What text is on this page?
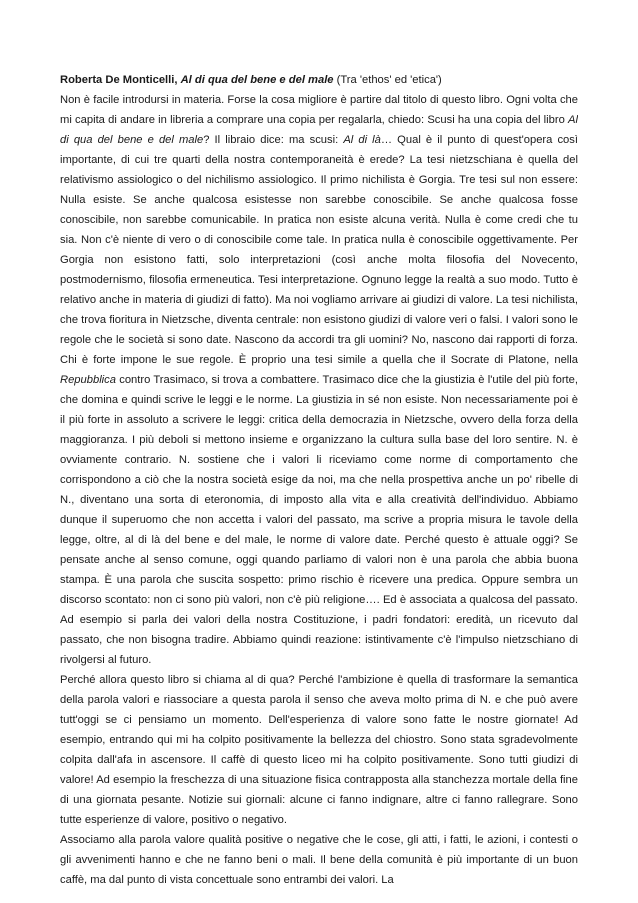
Roberta De Monticelli, Al di qua del bene e del male (Tra 'ethos' ed 'etica')

Non è facile introdursi in materia. Forse la cosa migliore è partire dal titolo di questo libro. Ogni volta che mi capita di andare in libreria a comprare una copia per regalarla, chiedo: Scusi ha una copia del libro Al di qua del bene e del male? Il libraio dice: ma scusi: Al di là… Qual è il punto di quest'opera così importante, di cui tre quarti della nostra contemporaneità è erede? La tesi nietzschiana è quella del relativismo assiologico o del nichilismo assiologico. Il primo nichilista è Gorgia. Tre tesi sul non essere: Nulla esiste. Se anche qualcosa esistesse non sarebbe conoscibile. Se anche qualcosa fosse conoscibile, non sarebbe comunicabile. In pratica non esiste alcuna verità. Nulla è come credi che tu sia. Non c'è niente di vero o di conoscibile come tale. In pratica nulla è conoscibile oggettivamente. Per Gorgia non esistono fatti, solo interpretazioni (così anche molta filosofia del Novecento, postmodernismo, filosofia ermeneutica. Tesi interpretazione. Ognuno legge la realtà a suo modo. Tutto è relativo anche in materia di giudizi di fatto). Ma noi vogliamo arrivare ai giudizi di valore. La tesi nichilista, che trova fioritura in Nietzsche, diventa centrale: non esistono giudizi di valore veri o falsi. I valori sono le regole che le società si sono date. Nascono da accordi tra gli uomini? No, nascono dai rapporti di forza. Chi è forte impone le sue regole. È proprio una tesi simile a quella che il Socrate di Platone, nella Repubblica contro Trasimaco, si trova a combattere. Trasimaco dice che la giustizia è l'utile del più forte, che domina e quindi scrive le leggi e le norme. La giustizia in sé non esiste. Non necessariamente poi è il più forte in assoluto a scrivere le leggi: critica della democrazia in Nietzsche, ovvero della forza della maggioranza. I più deboli si mettono insieme e organizzano la cultura sulla base del loro sentire. N. è ovviamente contrario. N. sostiene che i valori li riceviamo come norme di comportamento che corrispondono a ciò che la nostra società esige da noi, ma che nella prospettiva anche un po' ribelle di N., diventano una sorta di eteronomia, di imposto alla vita e alla creatività dell'individuo. Abbiamo dunque il superuomo che non accetta i valori del passato, ma scrive a propria misura le tavole della legge, oltre, al di là del bene e del male, le norme di valore date. Perché questo è attuale oggi? Se pensate anche al senso comune, oggi quando parliamo di valori non è una parola che abbia buona stampa. È una parola che suscita sospetto: primo rischio è ricevere una predica. Oppure sembra un discorso scontato: non ci sono più valori, non c'è più religione…. Ed è associata a qualcosa del passato. Ad esempio si parla dei valori della nostra Costituzione, i padri fondatori: eredità, un ricevuto dal passato, che non bisogna tradire. Abbiamo quindi reazione: istintivamente c'è l'impulso nietzschiano di rivolgersi al futuro.

Perché allora questo libro si chiama al di qua? Perché l'ambizione è quella di trasformare la semantica della parola valori e riassociare a questa parola il senso che aveva molto prima di N. e che può avere tutt'oggi se ci pensiamo un momento. Dell'esperienza di valore sono fatte le nostre giornate! Ad esempio, entrando qui mi ha colpito positivamente la bellezza del chiostro. Sono stata sgradevolmente colpita dall'afa in ascensore. Il caffè di questo liceo mi ha colpito positivamente. Sono tutti giudizi di valore! Ad esempio la freschezza di una situazione fisica contrapposta alla stanchezza mortale della fine di una giornata pesante. Notizie sui giornali: alcune ci fanno indignare, altre ci fanno rallegrare. Sono tutte esperienze di valore, positivo o negativo.

Associamo alla parola valore qualità positive o negative che le cose, gli atti, i fatti, le azioni, i contesti o gli avvenimenti hanno e che ne fanno beni o mali. Il bene della comunità è più importante di un buon caffè, ma dal punto di vista concettuale sono entrambi dei valori. La
